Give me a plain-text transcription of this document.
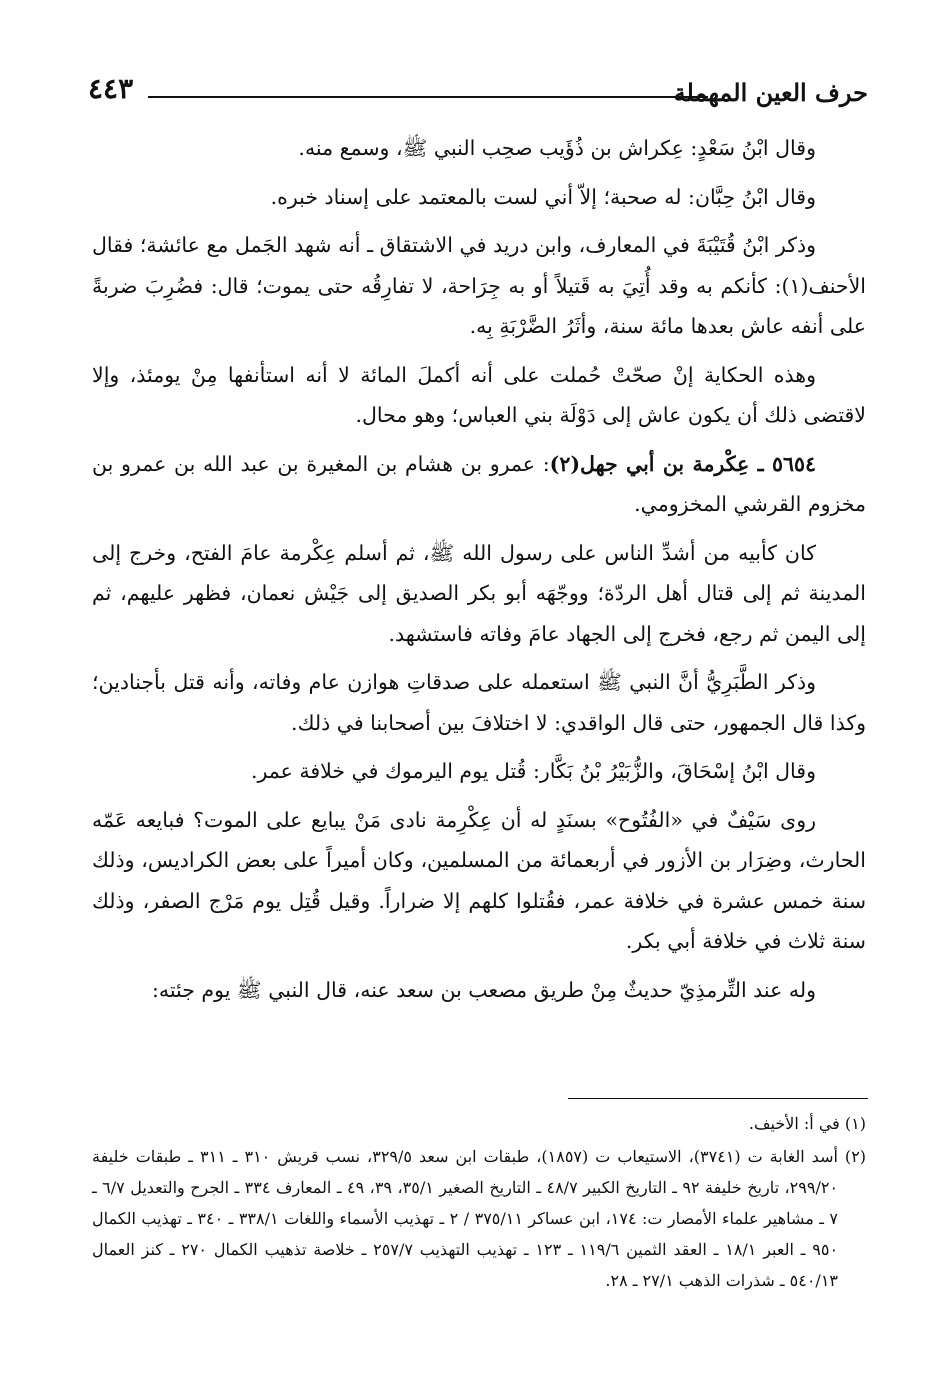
حرف العين المهملة
٤٤٣

وقال ابْنُ سَعْدٍ: عِكراش بن ذُؤَيب صحِب النبي ﷺ، وسمع منه.

وقال ابْنُ حِبَّان: له صحبة؛ إلاّ أني لست بالمعتمد على إسناد خبره.

وذكر ابْنُ قُتَيْبَةَ في المعارف، وابن دريد في الاشتقاق ـ أنه شهد الجَمل مع عائشة؛ فقال الأحنف(١): كأنكم به وقد أُتِيَ به قَتيلاً أو به جِرَاحة، لا تفارِقُه حتى يموت؛ قال: فضُرِبَ ضربةً على أنفه عاش بعدها مائة سنة، وأثَرُ الضَّرْبَةِ بِه.

وهذه الحكاية إنْ صحّتْ حُملت على أنه أكملَ المائة لا أنه استأنفها مِنْ يومئذ، وإلا لاقتضى ذلك أن يكون عاش إلى دَوْلَة بني العباس؛ وهو محال.

٥٦٥٤ ـ عِكْرمة بن أبي جهل(٢): عمرو بن هشام بن المغيرة بن عبد الله بن عمرو بن مخزوم القرشي المخزومي.

كان كأبيه من أشدِّ الناس على رسول الله ﷺ، ثم أسلم عِكْرمة عامَ الفتح، وخرج إلى المدينة ثم إلى قتال أهل الردّة؛ ووجّهَه أبو بكر الصديق إلى جَيْش نعمان، فظهر عليهم، ثم إلى اليمن ثم رجع، فخرج إلى الجهاد عامَ وفاته فاستشهد.

وذكر الطَّبَرِيُّ أنَّ النبي ﷺ استعمله على صدقاتِ هوازن عام وفاته، وأنه قتل بأجنادين؛ وكذا قال الجمهور، حتى قال الواقدي: لا اختلافَ بين أصحابنا في ذلك.

وقال ابْنُ إسْحَاقَ، والزُّبَيْرُ بْنُ بَكَّار: قُتل يوم اليرموك في خلافة عمر.

روى سَيْفٌ في «الفُتُوح» بسنَدٍ له أن عِكْرِمة نادى مَنْ يبايع على الموت؟ فبايعه عَمّه الحارث، وضِرَار بن الأزور في أربعمائة من المسلمين، وكان أميراً على بعض الكراديس، وذلك سنة خمس عشرة في خلافة عمر، فقُتلوا كلهم إلا ضراراً. وقيل قُتِل يوم مَرْج الصفر، وذلك سنة ثلاث في خلافة أبي بكر.

وله عند التِّرمذِيّ حديثٌ مِنْ طريق مصعب بن سعد عنه، قال النبي ﷺ يوم جئته:

(١) في أ: الأخيف.

(٢) أسد الغابة ت (٣٧٤١)، الاستيعاب ت (١٨٥٧)، طبقات ابن سعد ٣٢٩/٥، نسب قريش ٣١٠ ـ ٣١١ ـ طبقات خليفة ٢٩٩/٢٠، تاريخ خليفة ٩٢ ـ التاريخ الكبير ٤٨/٧ ـ التاريخ الصغير ٣٥/١، ٣٩، ٤٩ ـ المعارف ٣٣٤ ـ الجرح والتعديل ٦/٧ ـ ٧ ـ مشاهير علماء الأمصار ت: ١٧٤، ابن عساكر ٣٧٥/١١ / ٢ ـ تهذيب الأسماء واللغات ٣٣٨/١ ـ ٣٤٠ ـ تهذيب الكمال ٩٥٠ ـ العبر ١٨/١ ـ العقد الثمين ١١٩/٦ ـ ١٢٣ ـ تهذيب التهذيب ٢٥٧/٧ ـ خلاصة تذهيب الكمال ٢٧٠ ـ كنز العمال ٥٤٠/١٣ ـ شذرات الذهب ٢٧/١ ـ ٢٨.
